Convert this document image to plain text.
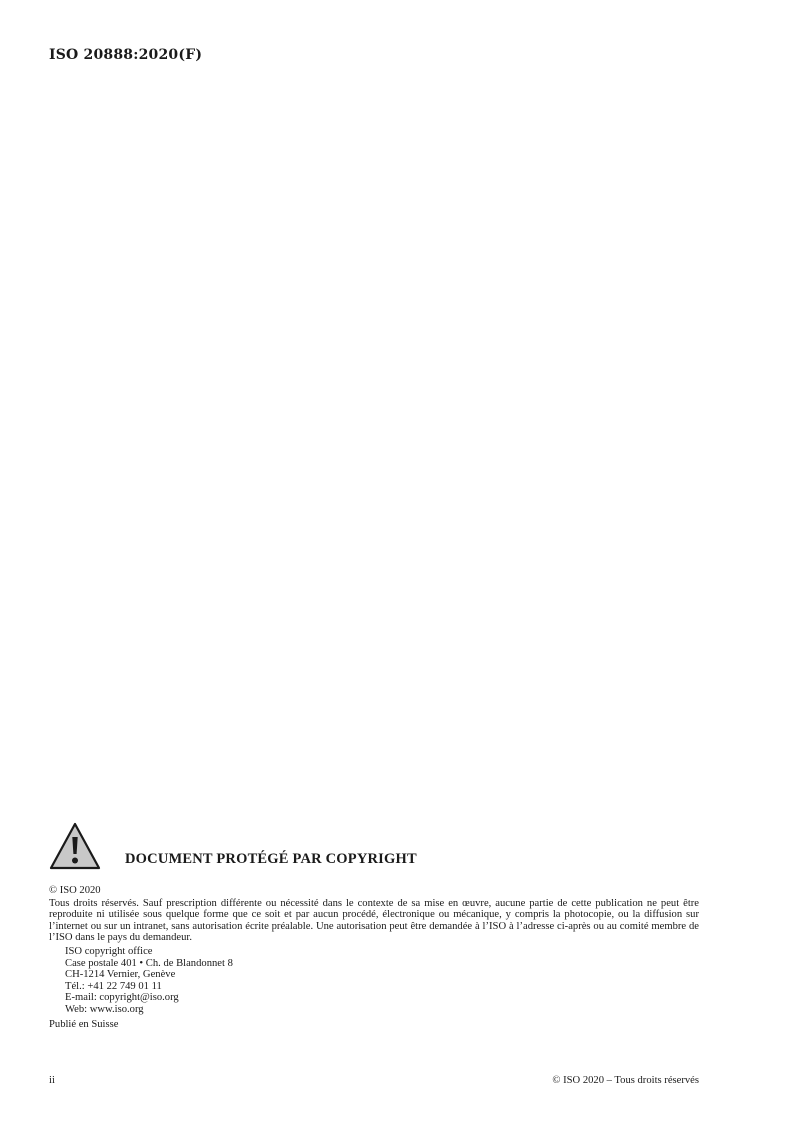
ISO 20888:2020(F)
DOCUMENT PROTÉGÉ PAR COPYRIGHT
© ISO 2020
Tous droits réservés. Sauf prescription différente ou nécessité dans le contexte de sa mise en œuvre, aucune partie de cette publication ne peut être reproduite ni utilisée sous quelque forme que ce soit et par aucun procédé, électronique ou mécanique, y compris la photocopie, ou la diffusion sur l’internet ou sur un intranet, sans autorisation écrite préalable. Une autorisation peut être demandée à l’ISO à l’adresse ci-après ou au comité membre de l’ISO dans le pays du demandeur.
ISO copyright office
Case postale 401 • Ch. de Blandonnet 8
CH-1214 Vernier, Genève
Tél.: +41 22 749 01 11
E-mail: copyright@iso.org
Web: www.iso.org
Publié en Suisse
ii	© ISO 2020 – Tous droits réservés
